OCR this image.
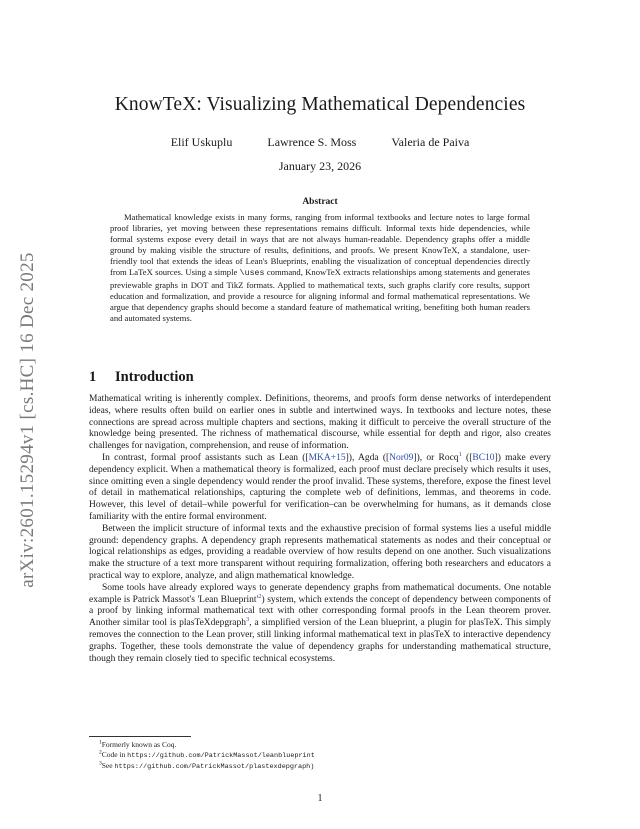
arXiv:2601.15294v1 [cs.HC] 16 Dec 2025
KnowTeX: Visualizing Mathematical Dependencies
Elif Uskuplu	Lawrence S. Moss	Valeria de Paiva
January 23, 2026
Abstract
Mathematical knowledge exists in many forms, ranging from informal textbooks and lecture notes to large formal proof libraries, yet moving between these representations remains difficult. Informal texts hide dependencies, while formal systems expose every detail in ways that are not always human-readable. Dependency graphs offer a middle ground by making visible the structure of results, definitions, and proofs. We present KnowTeX, a standalone, user-friendly tool that extends the ideas of Lean's Blueprints, enabling the visualization of conceptual dependencies directly from LaTeX sources. Using a simple \uses command, KnowTeX extracts relationships among statements and generates previewable graphs in DOT and TikZ formats. Applied to mathematical texts, such graphs clarify core results, support education and formalization, and provide a resource for aligning informal and formal mathematical representations. We argue that dependency graphs should become a standard feature of mathematical writing, benefiting both human readers and automated systems.
1 Introduction

Mathematical writing is inherently complex. Definitions, theorems, and proofs form dense networks of interdependent ideas, where results often build on earlier ones in subtle and intertwined ways. In textbooks and lecture notes, these connections are spread across multiple chapters and sections, making it difficult to perceive the overall structure of the knowledge being presented. The richness of mathematical discourse, while essential for depth and rigor, also creates challenges for navigation, comprehension, and reuse of information.

In contrast, formal proof assistants such as Lean ([MKA+15]), Agda ([Nor09]), or Rocq$^1$ ([BC10]) make every dependency explicit. When a mathematical theory is formalized, each proof must declare precisely which results it uses, since omitting even a single dependency would render the proof invalid. These systems, therefore, expose the finest level of detail in mathematical relationships, capturing the complete web of definitions, lemmas, and theorems in code. However, this level of detail–while powerful for verification–can be overwhelming for humans, as it demands close familiarity with the entire formal environment.

Between the implicit structure of informal texts and the exhaustive precision of formal systems lies a useful middle ground: dependency graphs. A dependency graph represents mathematical statements as nodes and their conceptual or logical relationships as edges, providing a readable overview of how results depend on one another. Such visualizations make the structure of a text more transparent without requiring formalization, offering both researchers and educators a practical way to explore, analyze, and align mathematical knowledge.

Some tools have already explored ways to generate dependency graphs from mathematical documents. One notable example is Patrick Massot's 'Lean Blueprint'$^2$) system, which extends the concept of dependency between components of a proof by linking informal mathematical text with other corresponding formal proofs in the Lean theorem prover. Another similar tool is plasTeXdepgraph$^3$, a simplified version of the Lean blueprint, a plugin for plasTeX. This simply removes the connection to the Lean prover, still linking informal mathematical text in plasTeX to interactive dependency graphs. Together, these tools demonstrate the value of dependency graphs for understanding mathematical structure, though they remain closely tied to specific technical ecosystems.

$^1$Formerly known as Coq.
$^2$Code in https://github.com/PatrickMassot/leanblueprint
$^3$See https://github.com/PatrickMassot/plastexdepgraph)
1
